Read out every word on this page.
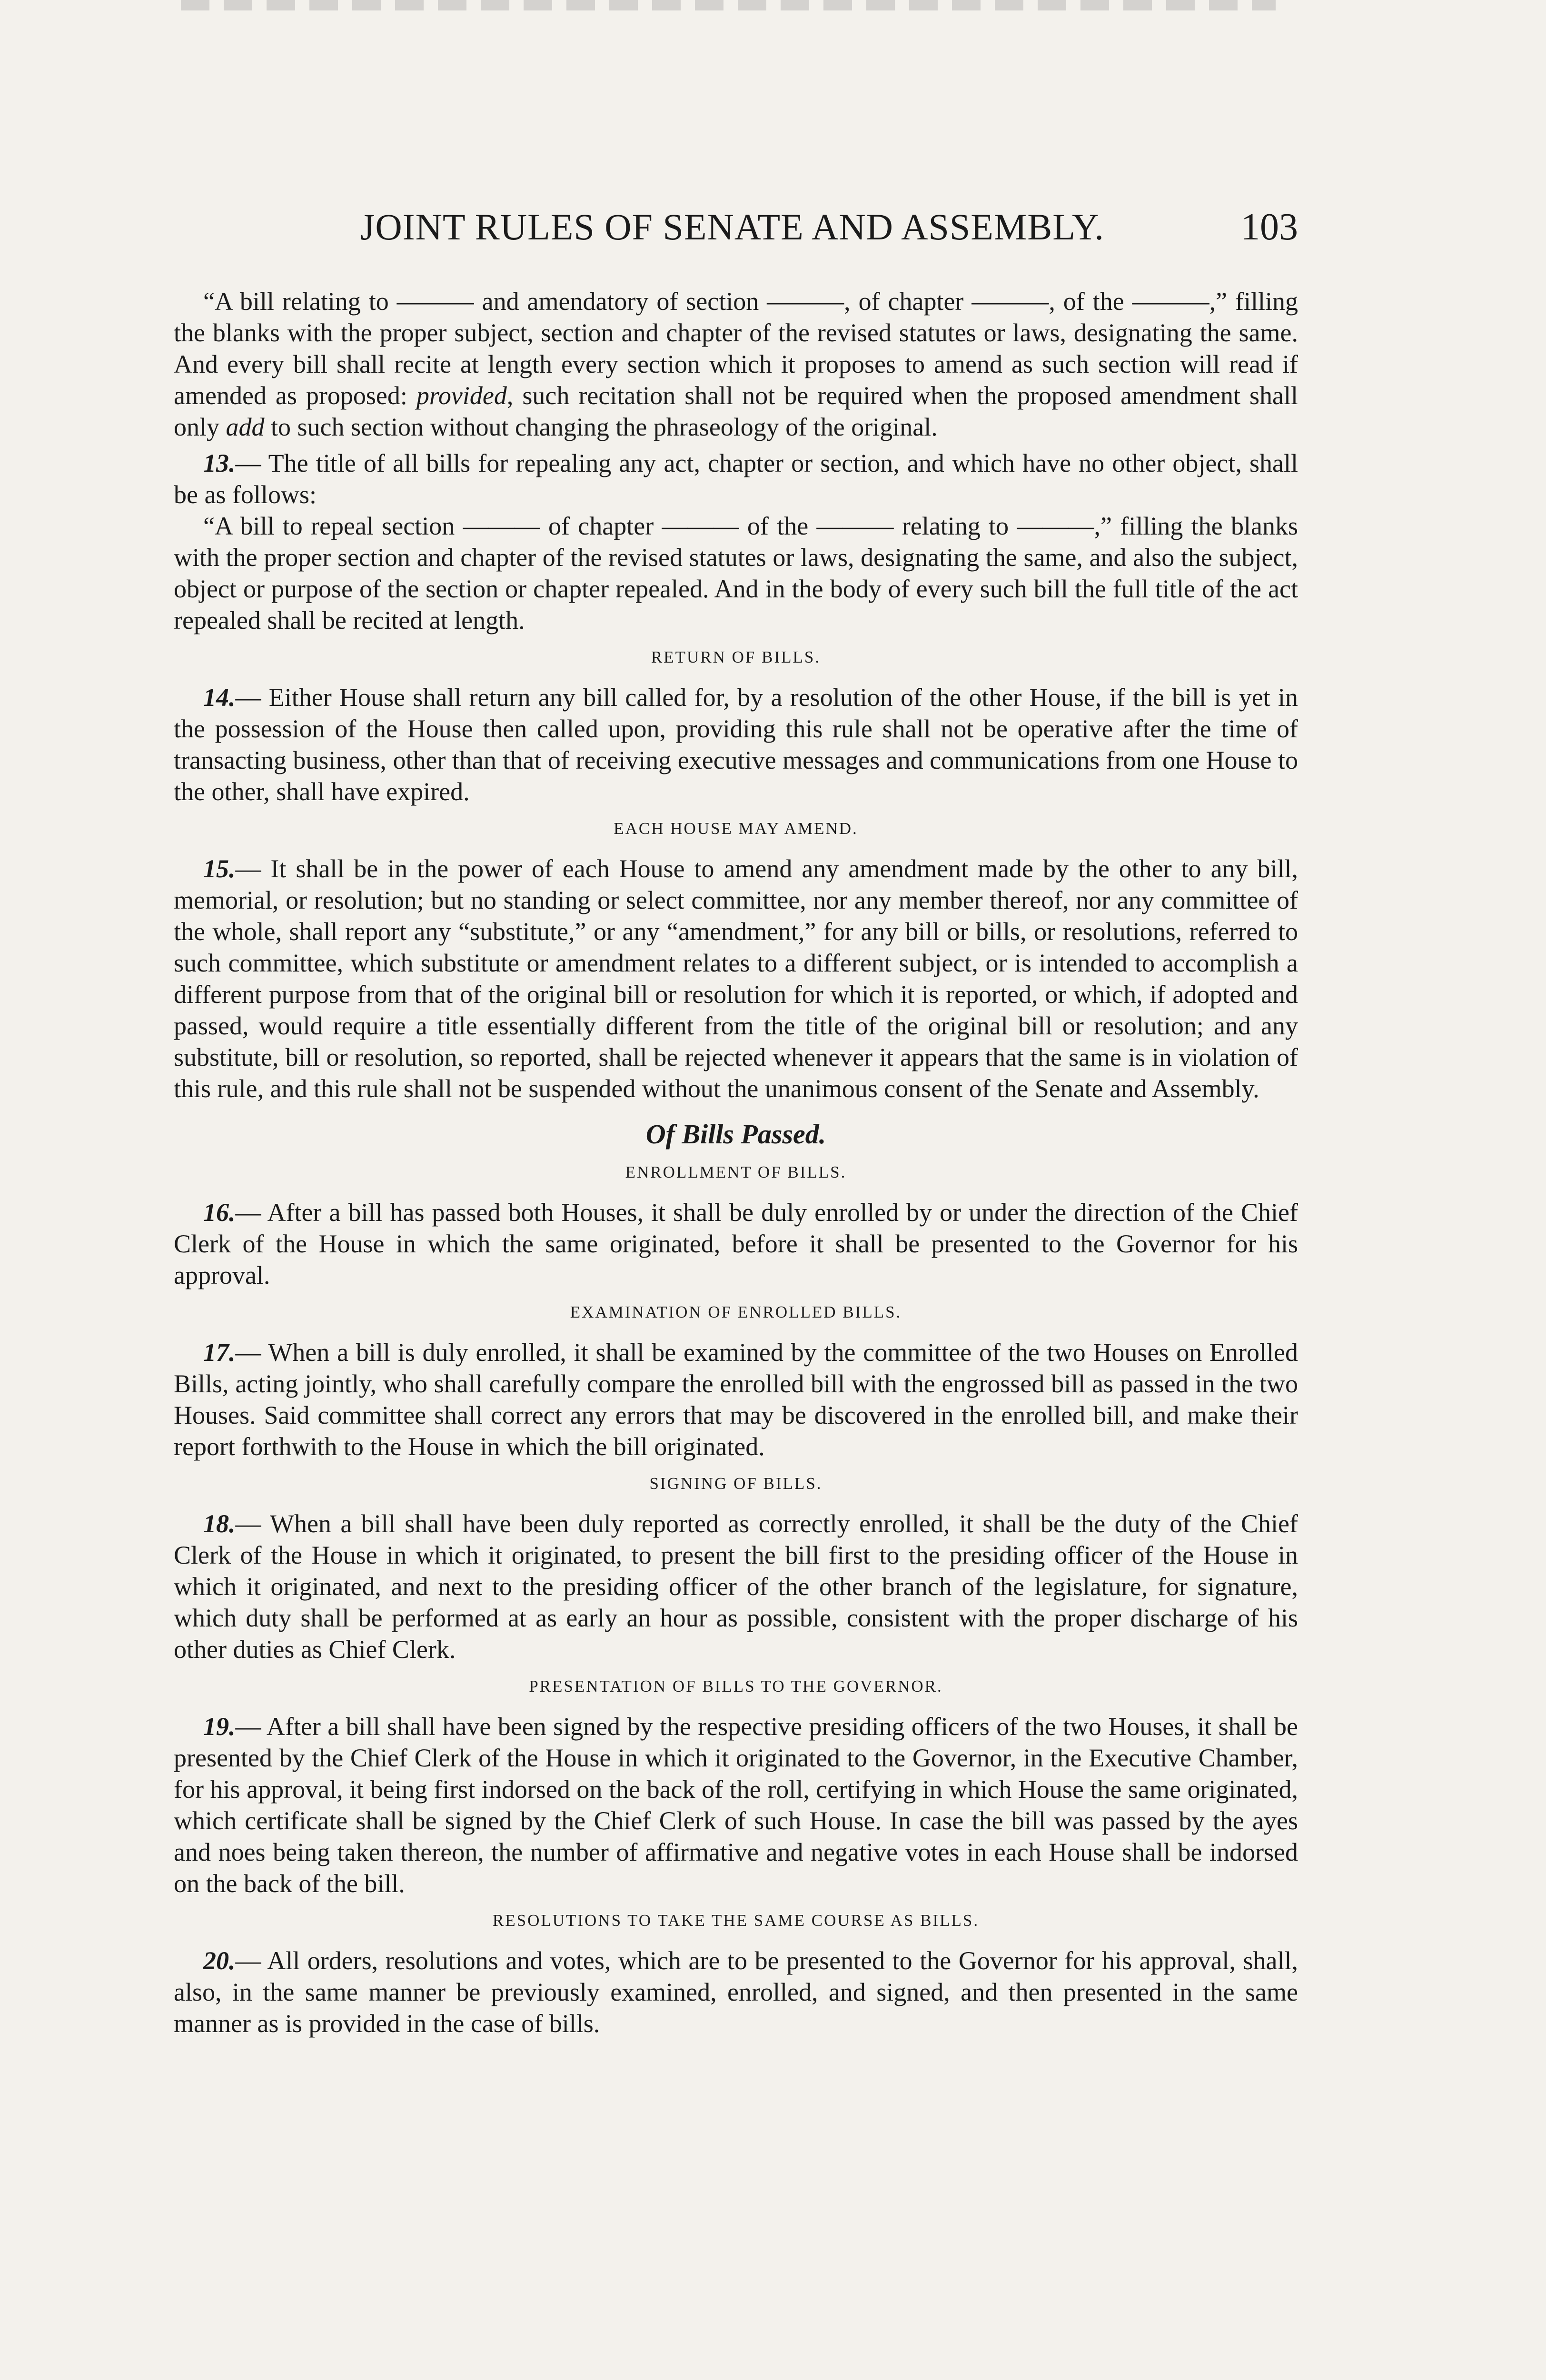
JOINT RULES OF SENATE AND ASSEMBLY.	103

“A bill relating to ——— and amendatory of section ———, of chapter ———, of the ———,” filling the blanks with the proper subject, section and chapter of the revised statutes or laws, designating the same. And every bill shall recite at length every section which it proposes to amend as such section will read if amended as proposed: provided, such recitation shall not be required when the proposed amendment shall only add to such section without changing the phraseology of the original.

13.— The title of all bills for repealing any act, chapter or section, and which have no other object, shall be as follows:

“A bill to repeal section ——— of chapter ——— of the ——— relating to ———,” filling the blanks with the proper section and chapter of the revised statutes or laws, designating the same, and also the subject, object or purpose of the section or chapter repealed. And in the body of every such bill the full title of the act repealed shall be recited at length.

RETURN OF BILLS.

14.— Either House shall return any bill called for, by a resolution of the other House, if the bill is yet in the possession of the House then called upon, providing this rule shall not be operative after the time of transacting business, other than that of receiving executive messages and communications from one House to the other, shall have expired.

EACH HOUSE MAY AMEND.

15.— It shall be in the power of each House to amend any amendment made by the other to any bill, memorial, or resolution; but no standing or select committee, nor any member thereof, nor any committee of the whole, shall report any “substitute,” or any “amendment,” for any bill or bills, or resolutions, referred to such committee, which substitute or amendment relates to a different subject, or is intended to accomplish a different purpose from that of the original bill or resolution for which it is reported, or which, if adopted and passed, would require a title essentially different from the title of the original bill or resolution; and any substitute, bill or resolution, so reported, shall be rejected whenever it appears that the same is in violation of this rule, and this rule shall not be suspended without the unanimous consent of the Senate and Assembly.

Of Bills Passed.
ENROLLMENT OF BILLS.

16.— After a bill has passed both Houses, it shall be duly enrolled by or under the direction of the Chief Clerk of the House in which the same originated, before it shall be presented to the Governor for his approval.

EXAMINATION OF ENROLLED BILLS.

17.— When a bill is duly enrolled, it shall be examined by the committee of the two Houses on Enrolled Bills, acting jointly, who shall carefully compare the enrolled bill with the engrossed bill as passed in the two Houses. Said committee shall correct any errors that may be discovered in the enrolled bill, and make their report forthwith to the House in which the bill originated.

SIGNING OF BILLS.

18.— When a bill shall have been duly reported as correctly enrolled, it shall be the duty of the Chief Clerk of the House in which it originated, to present the bill first to the presiding officer of the House in which it originated, and next to the presiding officer of the other branch of the legislature, for signature, which duty shall be performed at as early an hour as possible, consistent with the proper discharge of his other duties as Chief Clerk.

PRESENTATION OF BILLS TO THE GOVERNOR.

19.— After a bill shall have been signed by the respective presiding officers of the two Houses, it shall be presented by the Chief Clerk of the House in which it originated to the Governor, in the Executive Chamber, for his approval, it being first indorsed on the back of the roll, certifying in which House the same originated, which certificate shall be signed by the Chief Clerk of such House. In case the bill was passed by the ayes and noes being taken thereon, the number of affirmative and negative votes in each House shall be indorsed on the back of the bill.

RESOLUTIONS TO TAKE THE SAME COURSE AS BILLS.

20.— All orders, resolutions and votes, which are to be presented to the Governor for his approval, shall, also, in the same manner be previously examined, enrolled, and signed, and then presented in the same manner as is provided in the case of bills.
